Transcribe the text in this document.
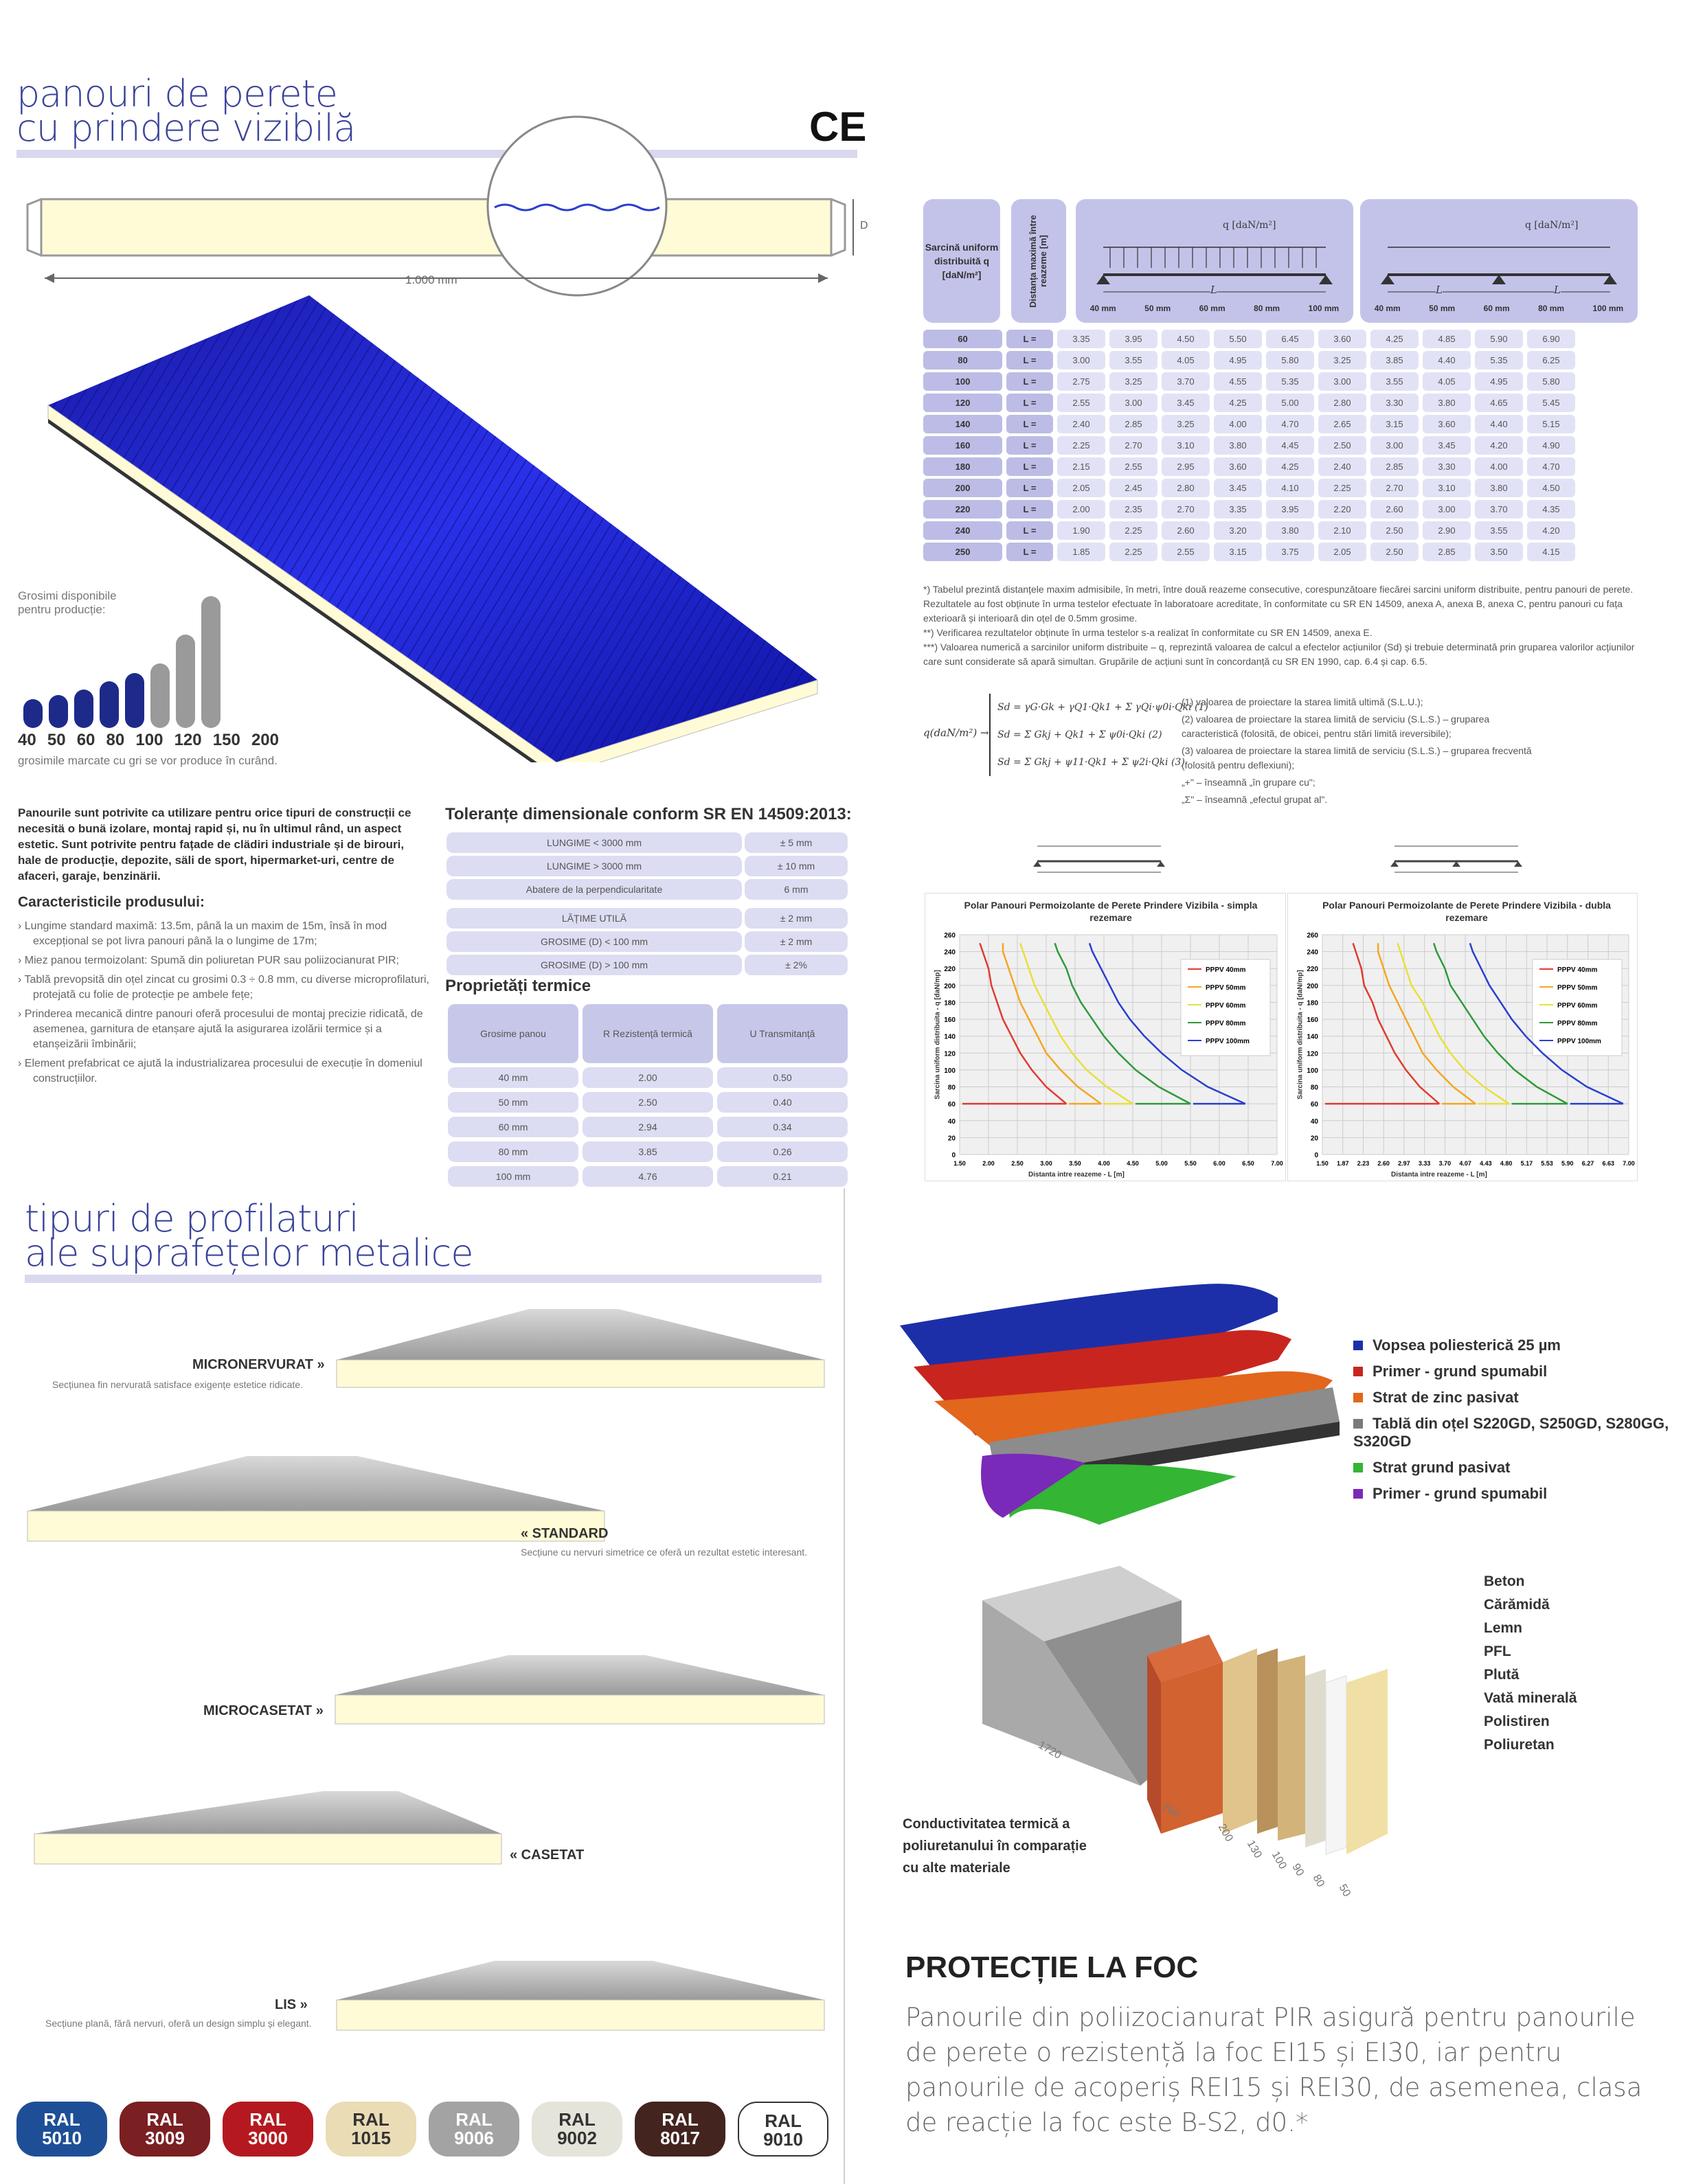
panouri de perete
cu prindere vizibilă	CE
1.000 mm
D
Grosimi disponibile pentru producție:
40 50 60 80 100 120 150 200
grosimile marcate cu gri se vor produce în curând.
Panourile sunt potrivite ca utilizare pentru orice tipuri de construcții ce necesitä o bunä izolare, montaj rapid și, nu în ultimul rând, un aspect estetic. Sunt potrivite pentru fațade de clädiri industriale și de birouri, hale de producție, depozite, säli de sport, hipermarket-uri, centre de afaceri, garaje, benzinärii.
Caracteristicile produsului:
› Lungime standard maximă: 13.5m, până la un maxim de 15m, însă în mod excepțional se pot livra panouri până la o lungime de 17m;
› Miez panou termoizolant: Spumă din poliuretan PUR sau poliizocianurat PIR;
› Tablă prevopsită din oțel zincat cu grosimi 0.3 ÷ 0.8 mm, cu diverse microprofilaturi, protejată cu folie de protecție pe ambele fețe;
› Prinderea mecanică dintre panouri oferă procesului de montaj precizie ridicată, de asemenea, garnitura de etanșare ajută la asigurarea izolării termice și a etanșeizării îmbinării;
› Element prefabricat ce ajută la industrializarea procesului de execuție în domeniul construcțiilor.
Toleranțe dimensionale conform SR EN 14509:2013:
LUNGIME < 3000 mm	± 5 mm
LUNGIME > 3000 mm	± 10 mm
Abatere de la perpendicularitate	6 mm
LĂȚIME UTILĂ	± 2 mm
GROSIME (D) < 100 mm	± 2 mm
GROSIME (D) > 100 mm	± 2%
Proprietăți termice
Grosime panou	R Rezistență termică	U Transmitanță
40 mm	2.00	0.50
50 mm	2.50	0.40
60 mm	2.94	0.34
80 mm	3.85	0.26
100 mm	4.76	0.21
Sarcină uniform distribuită q [daN/m²]	Distanța maximă între reazeme [m]
q [daN/m²]
L
40 mm	50 mm	60 mm	80 mm	100 mm
q [daN/m²]
L	L
40 mm	50 mm	60 mm	80 mm	100 mm
60	L =	3.35	3.95	4.50	5.50	6.45	3.60	4.25	4.85	5.90	6.90
80	L =	3.00	3.55	4.05	4.95	5.80	3.25	3.85	4.40	5.35	6.25
100	L =	2.75	3.25	3.70	4.55	5.35	3.00	3.55	4.05	4.95	5.80
120	L =	2.55	3.00	3.45	4.25	5.00	2.80	3.30	3.80	4.65	5.45
140	L =	2.40	2.85	3.25	4.00	4.70	2.65	3.15	3.60	4.40	5.15
160	L =	2.25	2.70	3.10	3.80	4.45	2.50	3.00	3.45	4.20	4.90
180	L =	2.15	2.55	2.95	3.60	4.25	2.40	2.85	3.30	4.00	4.70
200	L =	2.05	2.45	2.80	3.45	4.10	2.25	2.70	3.10	3.80	4.50
220	L =	2.00	2.35	2.70	3.35	3.95	2.20	2.60	3.00	3.70	4.35
240	L =	1.90	2.25	2.60	3.20	3.80	2.10	2.50	2.90	3.55	4.20
250	L =	1.85	2.25	2.55	3.15	3.75	2.05	2.50	2.85	3.50	4.15
*) Tabelul prezintă distanțele maxim admisibile, în metri, între două reazeme consecutive, corespunzătoare fiecărei sarcini uniform distribuite, pentru panouri de perete. Rezultatele au fost obținute în urma testelor efectuate în laboratoare acreditate, în conformitate cu SR EN 14509, anexa A, anexa B, anexa C, pentru panouri cu fața exterioară și interioară din oțel de 0.5mm grosime.
**) Verificarea rezultatelor obținute în urma testelor s-a realizat în conformitate cu SR EN 14509, anexa E.
***) Valoarea numerică a sarcinilor uniform distribuite – q, reprezintă valoarea de calcul a efectelor acțiunilor (Sd) și trebuie determinată prin gruparea valorilor acțiunilor care sunt considerate să apară simultan. Grupările de acțiuni sunt în concordanță cu SR EN 1990, cap. 6.4 și cap. 6.5.
q(daN/m²) →
Sd = γG·Gk + γQ1·Qk1 + Σ γQi·ψ0i·Qki (1)
Sd = Σ Gkj + Qk1 + Σ ψ0i·Qki (2)
Sd = Σ Gkj + ψ11·Qk1 + Σ ψ2i·Qki (3)
(1) valoarea de proiectare la starea limită ultimă (S.L.U.);
(2) valoarea de proiectare la starea limită de serviciu (S.L.S.) – gruparea caracteristică (folosită, de obicei, pentru stări limită ireversibile);
(3) valoarea de proiectare la starea limită de serviciu (S.L.S.) – gruparea frecventă (folosită pentru deflexiuni);
„+" – înseamnă „în grupare cu";
„Σ" – înseamnă „efectul grupat al".
Polar Panouri Permoizolante de Perete Prindere Vizibila - simpla rezemare
0
20
40
60
80
100
120
140
160
180
200
220
240
260
1.50	2.00	2.50	3.00	3.50	4.00	4.50	5.00	5.50	6.00	6.50	7.00
PPPV 40mm
PPPV 50mm
PPPV 60mm
PPPV 80mm
PPPV 100mm
Distanta intre reazeme - L [m]
Sarcina uniform distribuita - q [daN/mp]
Polar Panouri Permoizolante de Perete Prindere Vizibila - dubla rezemare
0
20
40
60
80
100
120
140
160
180
200
220
240
260
1.50 1.87 2.23 2.60 2.97 3.33 3.70 4.07 4.43 4.80 5.17 5.53 5.90 6.27 6.63 7.00
PPPV 40mm
PPPV 50mm
PPPV 60mm
PPPV 80mm
PPPV 100mm
Distanta intre reazeme - L [m]
Sarcina uniform distribuita - q [daN/mp]
tipuri de profilaturi
ale suprafețelor metalice
MICRONERVURAT »
Secțiunea fin nervurată satisface exigențe estetice ridicate.
« STANDARD
Secțiune cu nervuri simetrice ce oferă un rezultat estetic interesant.
MICROCASETAT »
« CASETAT
LIS »
Secțiune plană, fără nervuri, oferă un design simplu și elegant.
RAL
5010
RAL
3009
RAL
3000
RAL
1015
RAL
9006
RAL
9002
RAL
8017
RAL
9010
Vopsea poliesterică 25 µm
Primer - grund spumabil
Strat de zinc pasivat
Tablă din oțel S220GD, S250GD, S280GG, S320GD
Strat grund pasivat
Primer - grund spumabil
Beton
Cărămidă
Lemn
PFL
Plută
Vată minerală
Polistiren
Poliuretan
1720
760
200
130
100 90
80
50
Conductivitatea termică a poliuretanului în comparație cu alte materiale
PROTECȚIE LA FOC
Panourile din poliizocianurat PIR asigură pentru panourile de perete o rezistență la foc EI15 și EI30, iar pentru panourile de acoperiș REI15 și REI30, de asemenea, clasa de reacție la foc este B-S2, d0.*
